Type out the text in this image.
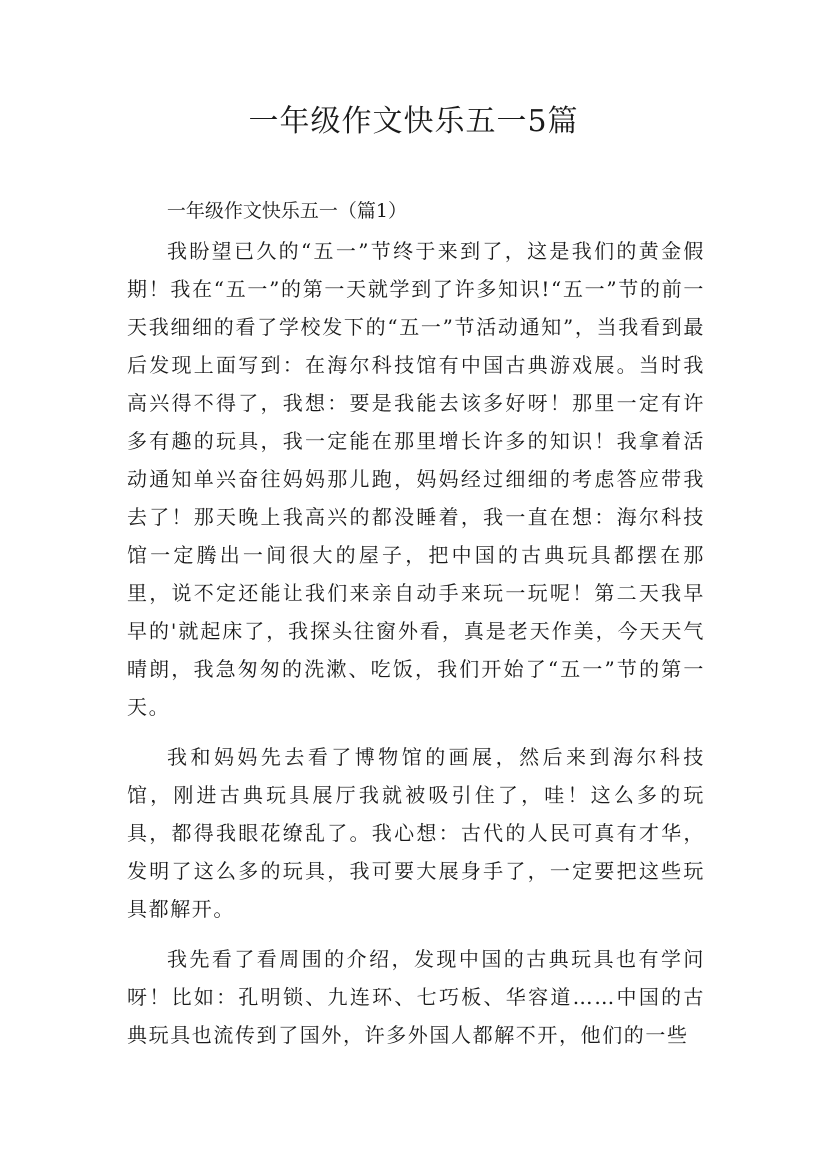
一年级作文快乐五一5篇

一年级作文快乐五一（篇1）

我盼望已久的“五一”节终于来到了，这是我们的黄金假期！我在“五一”的第一天就学到了许多知识!“五一”节的前一天我细细的看了学校发下的“五一”节活动通知”，当我看到最后发现上面写到：在海尔科技馆有中国古典游戏展。当时我高兴得不得了，我想：要是我能去该多好呀！那里一定有许多有趣的玩具，我一定能在那里增长许多的知识！我拿着活动通知单兴奋往妈妈那儿跑，妈妈经过细细的考虑答应带我去了！那天晚上我高兴的都没睡着，我一直在想：海尔科技馆一定腾出一间很大的屋子，把中国的古典玩具都摆在那里，说不定还能让我们来亲自动手来玩一玩呢！第二天我早早的'就起床了，我探头往窗外看，真是老天作美，今天天气晴朗，我急匆匆的洗漱、吃饭，我们开始了“五一”节的第一天。

我和妈妈先去看了博物馆的画展，然后来到海尔科技馆，刚进古典玩具展厅我就被吸引住了，哇！这么多的玩具，都得我眼花缭乱了。我心想：古代的人民可真有才华，发明了这么多的玩具，我可要大展身手了，一定要把这些玩具都解开。

我先看了看周围的介绍，发现中国的古典玩具也有学问呀！比如：孔明锁、九连环、七巧板、华容道……中国的古典玩具也流传到了国外，许多外国人都解不开，他们的一些
